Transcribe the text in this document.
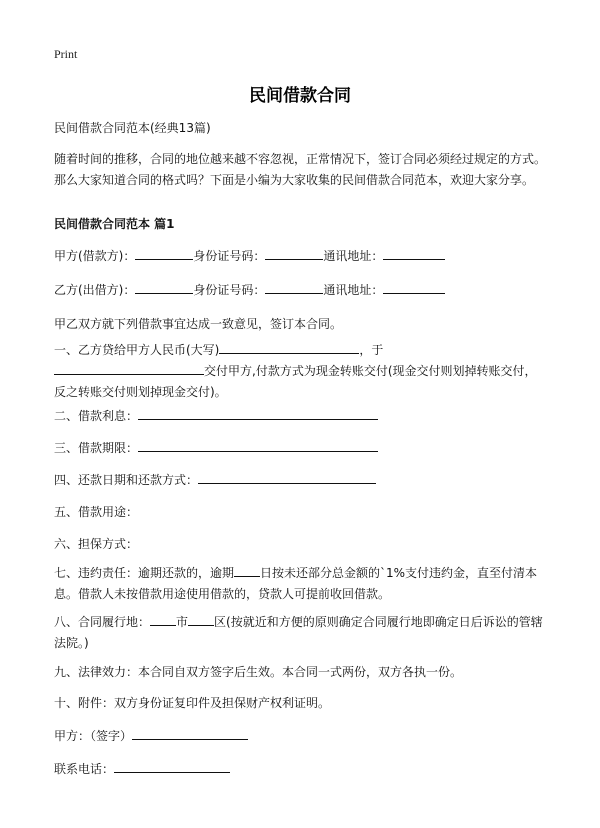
Print
民间借款合同
民间借款合同范本(经典13篇)
随着时间的推移，合同的地位越来越不容忽视，正常情况下，签订合同必须经过规定的方式。那么大家知道合同的格式吗？下面是小编为大家收集的民间借款合同范本，欢迎大家分享。
民间借款合同范本 篇1
甲方(借款方)：	身份证号码：	通讯地址：
乙方(出借方)：	身份证号码：	通讯地址：
甲乙双方就下列借款事宜达成一致意见，签订本合同。
一、乙方贷给甲方人民币(大写)	，于
交付甲方,付款方式为现金转账交付(现金交付则划掉转账交付，反之转账交付则划掉现金交付)。
二、借款利息：
三、借款期限：
四、还款日期和还款方式：
五、借款用途：
六、担保方式：
七、违约责任：逾期还款的，逾期 日按未还部分总金额的`1%支付违约金，直至付清本息。借款人未按借款用途使用借款的，贷款人可提前收回借款。
八、合同履行地： 市 区(按就近和方便的原则确定合同履行地即确定日后诉讼的管辖法院。)
九、法律效力：本合同自双方签字后生效。本合同一式两份，双方各执一份。
十、附件：双方身份证复印件及担保财产权利证明。
甲方：（签字）
联系电话：
